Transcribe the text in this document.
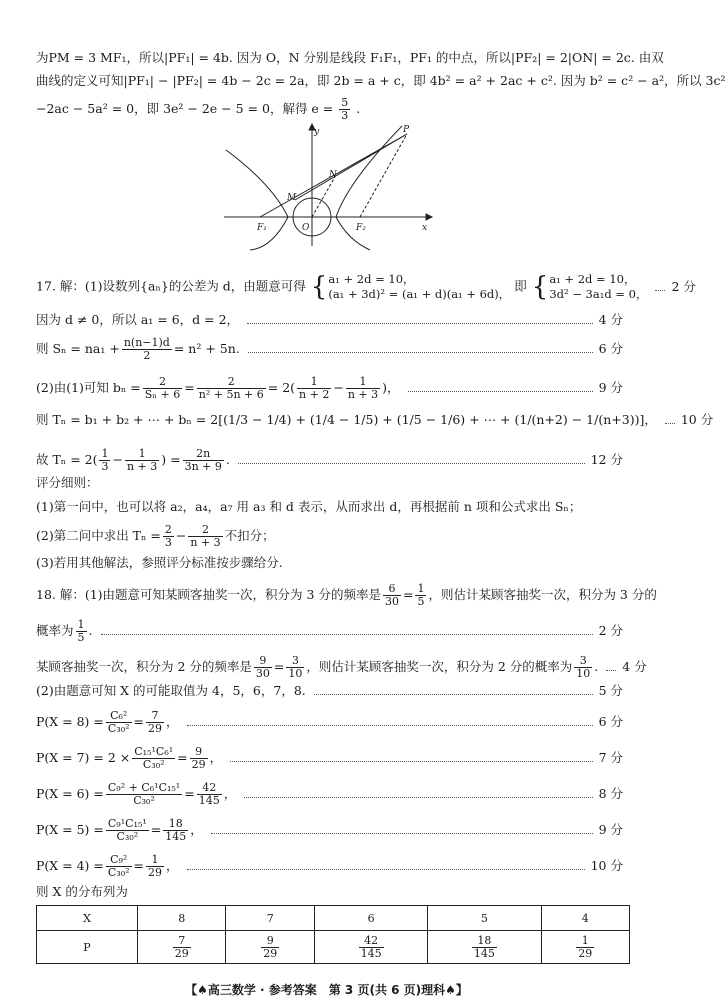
为PM = 3 MF₁，所以|PF₁| = 4b. 因为 O，N 分别是线段 F₁F₁，PF₁ 的中点，所以|PF₂| = 2|ON| = 2c. 由双
曲线的定义可知|PF₁| − |PF₂| = 4b − 2c = 2a，即 2b = a + c，即 4b² = a² + 2ac + c². 因为 b² = c² − a²，所以 3c²
−2ac − 5a² = 0，即 3e² − 2e − 5 = 0，解得 $e = \frac{5}{3}$ .
y
x
P
N
M
F₁	O	F₂
17. 解：(1)设数列{aₙ}的公差为 d，由题意可得 { a₁ + 2d = 10，
(a₁ + 3d)² = (a₁ + d)(a₁ + 6d)，
即 { a₁ + 2d = 10，
3d² − 3a₁d = 0，
2 分
因为 d ≠ 0，所以 a₁ = 6，d = 2，	4 分
则 $S_n = na_1 + \frac{n(n-1)d}{2} = n^2 + 5n$.	6 分
(2)由(1)可知 $b_n = \frac{2}{\text{Sₙ + 6}} = \frac{2}{\text{n² + 5n + 6}} = 2( \frac{1}{n + 2} - \frac{1}{n + 3}$ )，	9 分
则 Tₙ = b₁ + b₂ + ⋯ + bₙ = 2[(1/3 − 1/4) + (1/4 − 1/5) + (1/5 − 1/6) + ⋯ + (1/(n+2) − 1/(n+3))]， 10 分
故 $T_n = 2( \frac{1}{3} - \frac{1}{n + 3}$ ) = $\frac{2n}{3n + 9}$ .	12 分
评分细则：
(1)第一问中，也可以将 a₂，a₄，a₇ 用 a₃ 和 d 表示，从而求出 d，再根据前 n 项和公式求出 Sₙ；
(2)第二问中求出 $T_n = \frac{2}{3} - \frac{2}{n + 3}$ 不扣分；
(3)若用其他解法，参照评分标准按步骤给分.
18. 解：(1)由题意可知某顾客抽奖一次，积分为 3 分的频率是 $\frac{6}{30} = \frac{1}{5}$ ，则估计某顾客抽奖一次，积分为 3 分的
概率为 $\frac{1}{5}$ .	2 分
某顾客抽奖一次，积分为 2 分的频率是 $\frac{9}{30} = \frac{3}{10}$ ，则估计某顾客抽奖一次，积分为 2 分的概率为 $\frac{3}{10}$ . 4 分
(2)由题意可知 X 的可能取值为 4，5，6，7，8.	5 分
$P(X = 8) = \frac{\text{C₆²}}{\text{C₃₀²}} = \frac{7}{29}$ ，	6 分
$P(X = 7) = 2 \times \frac{\text{C₁₅¹C₆¹}}{\text{C₃₀²}} = \frac{9}{29}$ ，	7 分
$P(X = 6) = \frac{\text{C₉² + C₆¹C₁₅¹}}{\text{C₃₀²}} = \frac{42}{145}$ ，	8 分
$P(X = 5) = \frac{\text{C₉¹C₁₅¹}}{\text{C₃₀²}} = \frac{18}{145}$ ，	9 分
$P(X = 4) = \frac{\text{C₉²}}{\text{C₃₀²}} = \frac{1}{29}$ ，	10 分
则 X 的分布列为
X	8	7	6	5	4
P	$\frac{7}{29}$	$\frac{9}{29}$	$\frac{42}{145}$	$\frac{18}{145}$	$\frac{1}{29}$
【♠高三数学 · 参考答案　第 3 页(共 6 页)理科♠】
